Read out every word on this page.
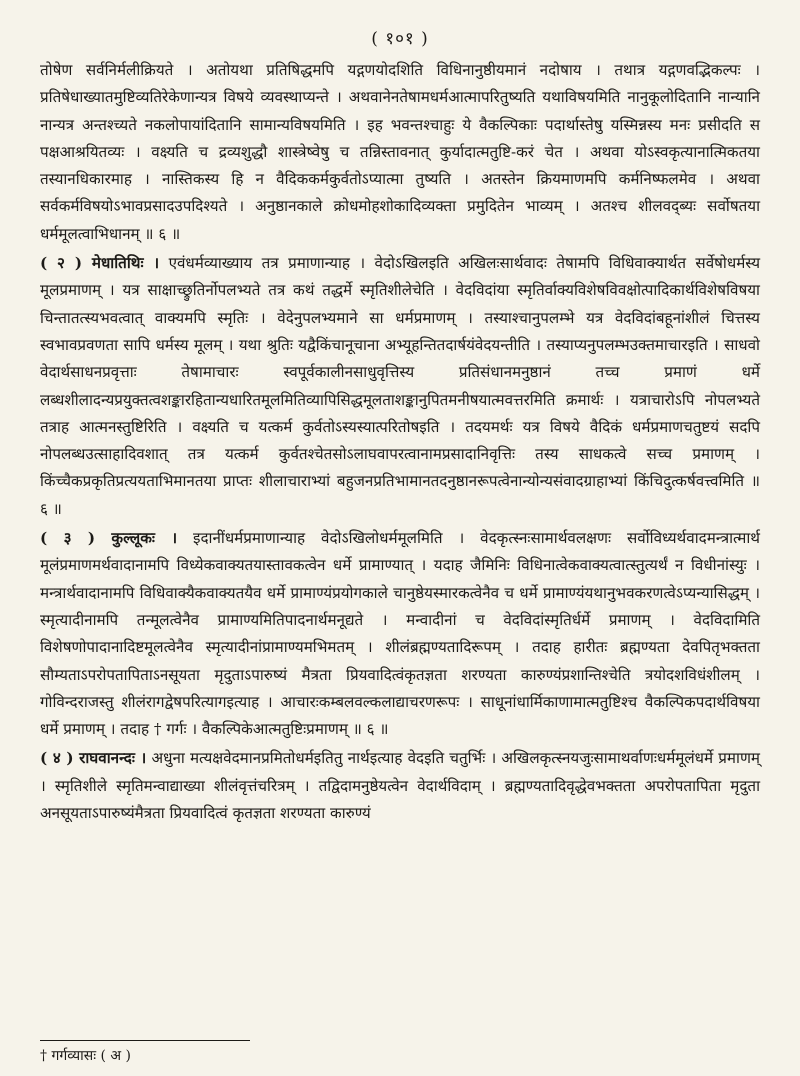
( १०१ )

तोषेण सर्वनिर्मलीक्रियते । अतोयथा प्रतिषिद्धमपि यद्गणयोदशिति विधिनानुष्ठीयमानं नदोषाय । तथात्र यद्गणवद्भिकल्पः । प्रतिषेधाख्यातमुष्टिव्यतिरेकेणान्यत्र विषये व्यवस्थाप्यन्ते । अथवानेनतेषामधर्मआत्मापरितुष्यति यथाविषयमिति नानुकूलोदितानि नान्यानि नान्यत्र अन्तश्च्यते नकलोपायांदितानि सामान्यविषयमिति । इह भवन्तश्चाहुः ये वैकल्पिकाः पदार्थास्तेषु यस्मिन्नस्य मनः प्रसीदति स पक्षआश्रयितव्यः । वक्ष्यति च द्रव्यशुद्धौ शास्त्रेष्वेषु च तन्निस्तावनात् कुर्यादात्मतुष्टि-करं चेत । अथवा योऽस्वकृत्यानात्मिकतया तस्यानधिकारमाह । नास्तिकस्य हि न वैदिककर्मकुर्वतोऽप्यात्मा तुष्यति । अतस्तेन क्रियमाणमपि कर्मनिष्फलमेव । अथवा सर्वकर्मविषयोऽभावप्रसादउपदिश्यते । अनुष्ठानकाले क्रोधमोहशोकादिव्यक्ता प्रमुदितेन भाव्यम् । अतश्च शीलवद्ब्यः सर्वोषतया धर्ममूलत्वाभिधानम् ॥ ६ ॥

( २ ) मेधातिथिः । एवंधर्मव्याख्याय तत्र प्रमाणान्याह । वेदोऽखिलइति अखिलःसार्थवादः तेषामपि विधिवाक्यार्थत सर्वेषोधर्मस्य मूलप्रमाणम् । यत्र साक्षाच्छ्रुतिर्नोपलभ्यते तत्र कथं तद्धर्मे स्मृतिशीलेचेति । वेदविदांया स्मृतिर्वाक्यविशेषविवक्षोत्पादिकार्थविशेषविषया चिन्तातत्स्यभवत्वात् वाक्यमपि स्मृतिः । वेदेनुपलभ्यमाने सा धर्मप्रमाणम् । तस्याश्चानुपलम्भे यत्र वेदविदांबहूनांशीलं चित्तस्य स्वभावप्रवणता सापि धर्मस्य मूलम् । यथा श्रुतिः यद्वैकिंचानूचाना अभ्यूहन्तितदार्षयंवेदयन्तीति । तस्याप्यनुपलम्भउक्तमाचारइति । साधवो वेदार्थसाधनप्रवृत्ताः तेषामाचारः स्वपूर्वकालीनसाधुवृत्तिस्य प्रतिसंधानमनुष्ठानं तच्च प्रमाणं धर्मे लब्धशीलादन्यप्रयुक्तत्वशङ्कारहितान्यधारितमूलमितिव्यापिसिद्धमूलताशङ्कानुपितमनीषयात्मवत्तरमिति क्रमार्थः । यत्राचारोऽपि नोपलभ्यते तत्राह आत्मनस्तुष्टिरिति । वक्ष्यति च यत्कर्म कुर्वतोऽस्यस्यात्परितोषइति । तदयमर्थः यत्र विषये वैदिकं धर्मप्रमाणचतुष्टयं सदपि नोपलब्धउत्साहादिवशात् तत्र यत्कर्म कुर्वतश्चेतसोऽलाघवापरत्वानामप्रसादानिवृत्तिः तस्य साधकत्वे सच्च प्रमाणम् । किंच्चैकप्रकृतिप्रत्ययताभिमानतया प्राप्तः शीलाचाराभ्यां बहुजनप्रतिभामानतदनुष्ठानरूपत्वेनान्योन्यसंवादग्राहाभ्यां किंचिदुत्कर्षवत्त्वमिति ॥ ६ ॥

( ३ ) कुल्लूकः । इदानींधर्मप्रमाणान्याह वेदोऽखिलोधर्ममूलमिति । वेदकृत्स्नःसामार्थवलक्षणः सर्वोविध्यर्थवादमन्त्रात्मार्थ मूलंप्रमाणमर्थवादानामपि विध्येकवाक्यतयास्तावकत्वेन धर्मे प्रामाण्यात् । यदाह जैमिनिः विधिनात्वेकवाक्यत्वात्स्तुत्यर्थं न विधीनांस्युः । मन्त्रार्थवादानामपि विधिवाक्यैकवाक्यतयैव धर्मे प्रामाण्यंप्रयोगकाले चानुष्ठेयस्मारकत्वेनैव च धर्मे प्रामाण्यंयथानुभवकरणत्वेऽप्यन्यासिद्धम् । स्मृत्यादीनामपि तन्मूलत्वेनैव प्रामाण्यमितिपादनार्थमनूद्यते । मन्वादीनां च वेदविदांस्मृतिर्धर्मे प्रमाणम् । वेदविदामिति विशेषणोपादानादिष्टमूलत्वेनैव स्मृत्यादीनांप्रामाण्यमभिमतम् । शीलंब्रह्मण्यतादिरूपम् । तदाह हारीतः ब्रह्मण्यता देवपितृभक्तता सौम्यताऽपरोपतापिताऽनसूयता मृदुताऽपारुष्यं मैत्रता प्रियवादित्वंकृतज्ञता शरण्यता कारुण्यंप्रशान्तिश्चेति त्रयोदशविधंशीलम् । गोविन्दराजस्तु शीलंरागद्वेषपरित्यागइत्याह । आचारःकम्बलवल्कलाद्याचरणरूपः । साधूनांधार्मिकाणामात्मतुष्टिश्च वैकल्पिकपदार्थविषया धर्मे प्रमाणम् । तदाह † गर्गः । वैकल्पिकेआत्मतुष्टिःप्रमाणम् ॥ ६ ॥

( ४ ) राघवानन्दः । अधुना मत्यक्षवेदमानप्रमितोधर्मइतितु नार्थइत्याह वेदइति चतुर्भिः । अखिलकृत्स्नयजुःसामाथर्वाणःधर्ममूलंधर्मे प्रमाणम् । स्मृतिशीले स्मृतिमन्वाद्याख्या शीलंवृत्तंचरित्रम् । तद्विदामनुष्ठेयत्वेन वेदार्थविदाम् । ब्रह्मण्यतादिवृद्धेवभक्तता अपरोपतापिता मृदुता अनसूयताऽपारुष्यंमैत्रता प्रियवादित्वं कृतज्ञता शरण्यता कारुण्यं

† गर्गव्यासः ( अ )
